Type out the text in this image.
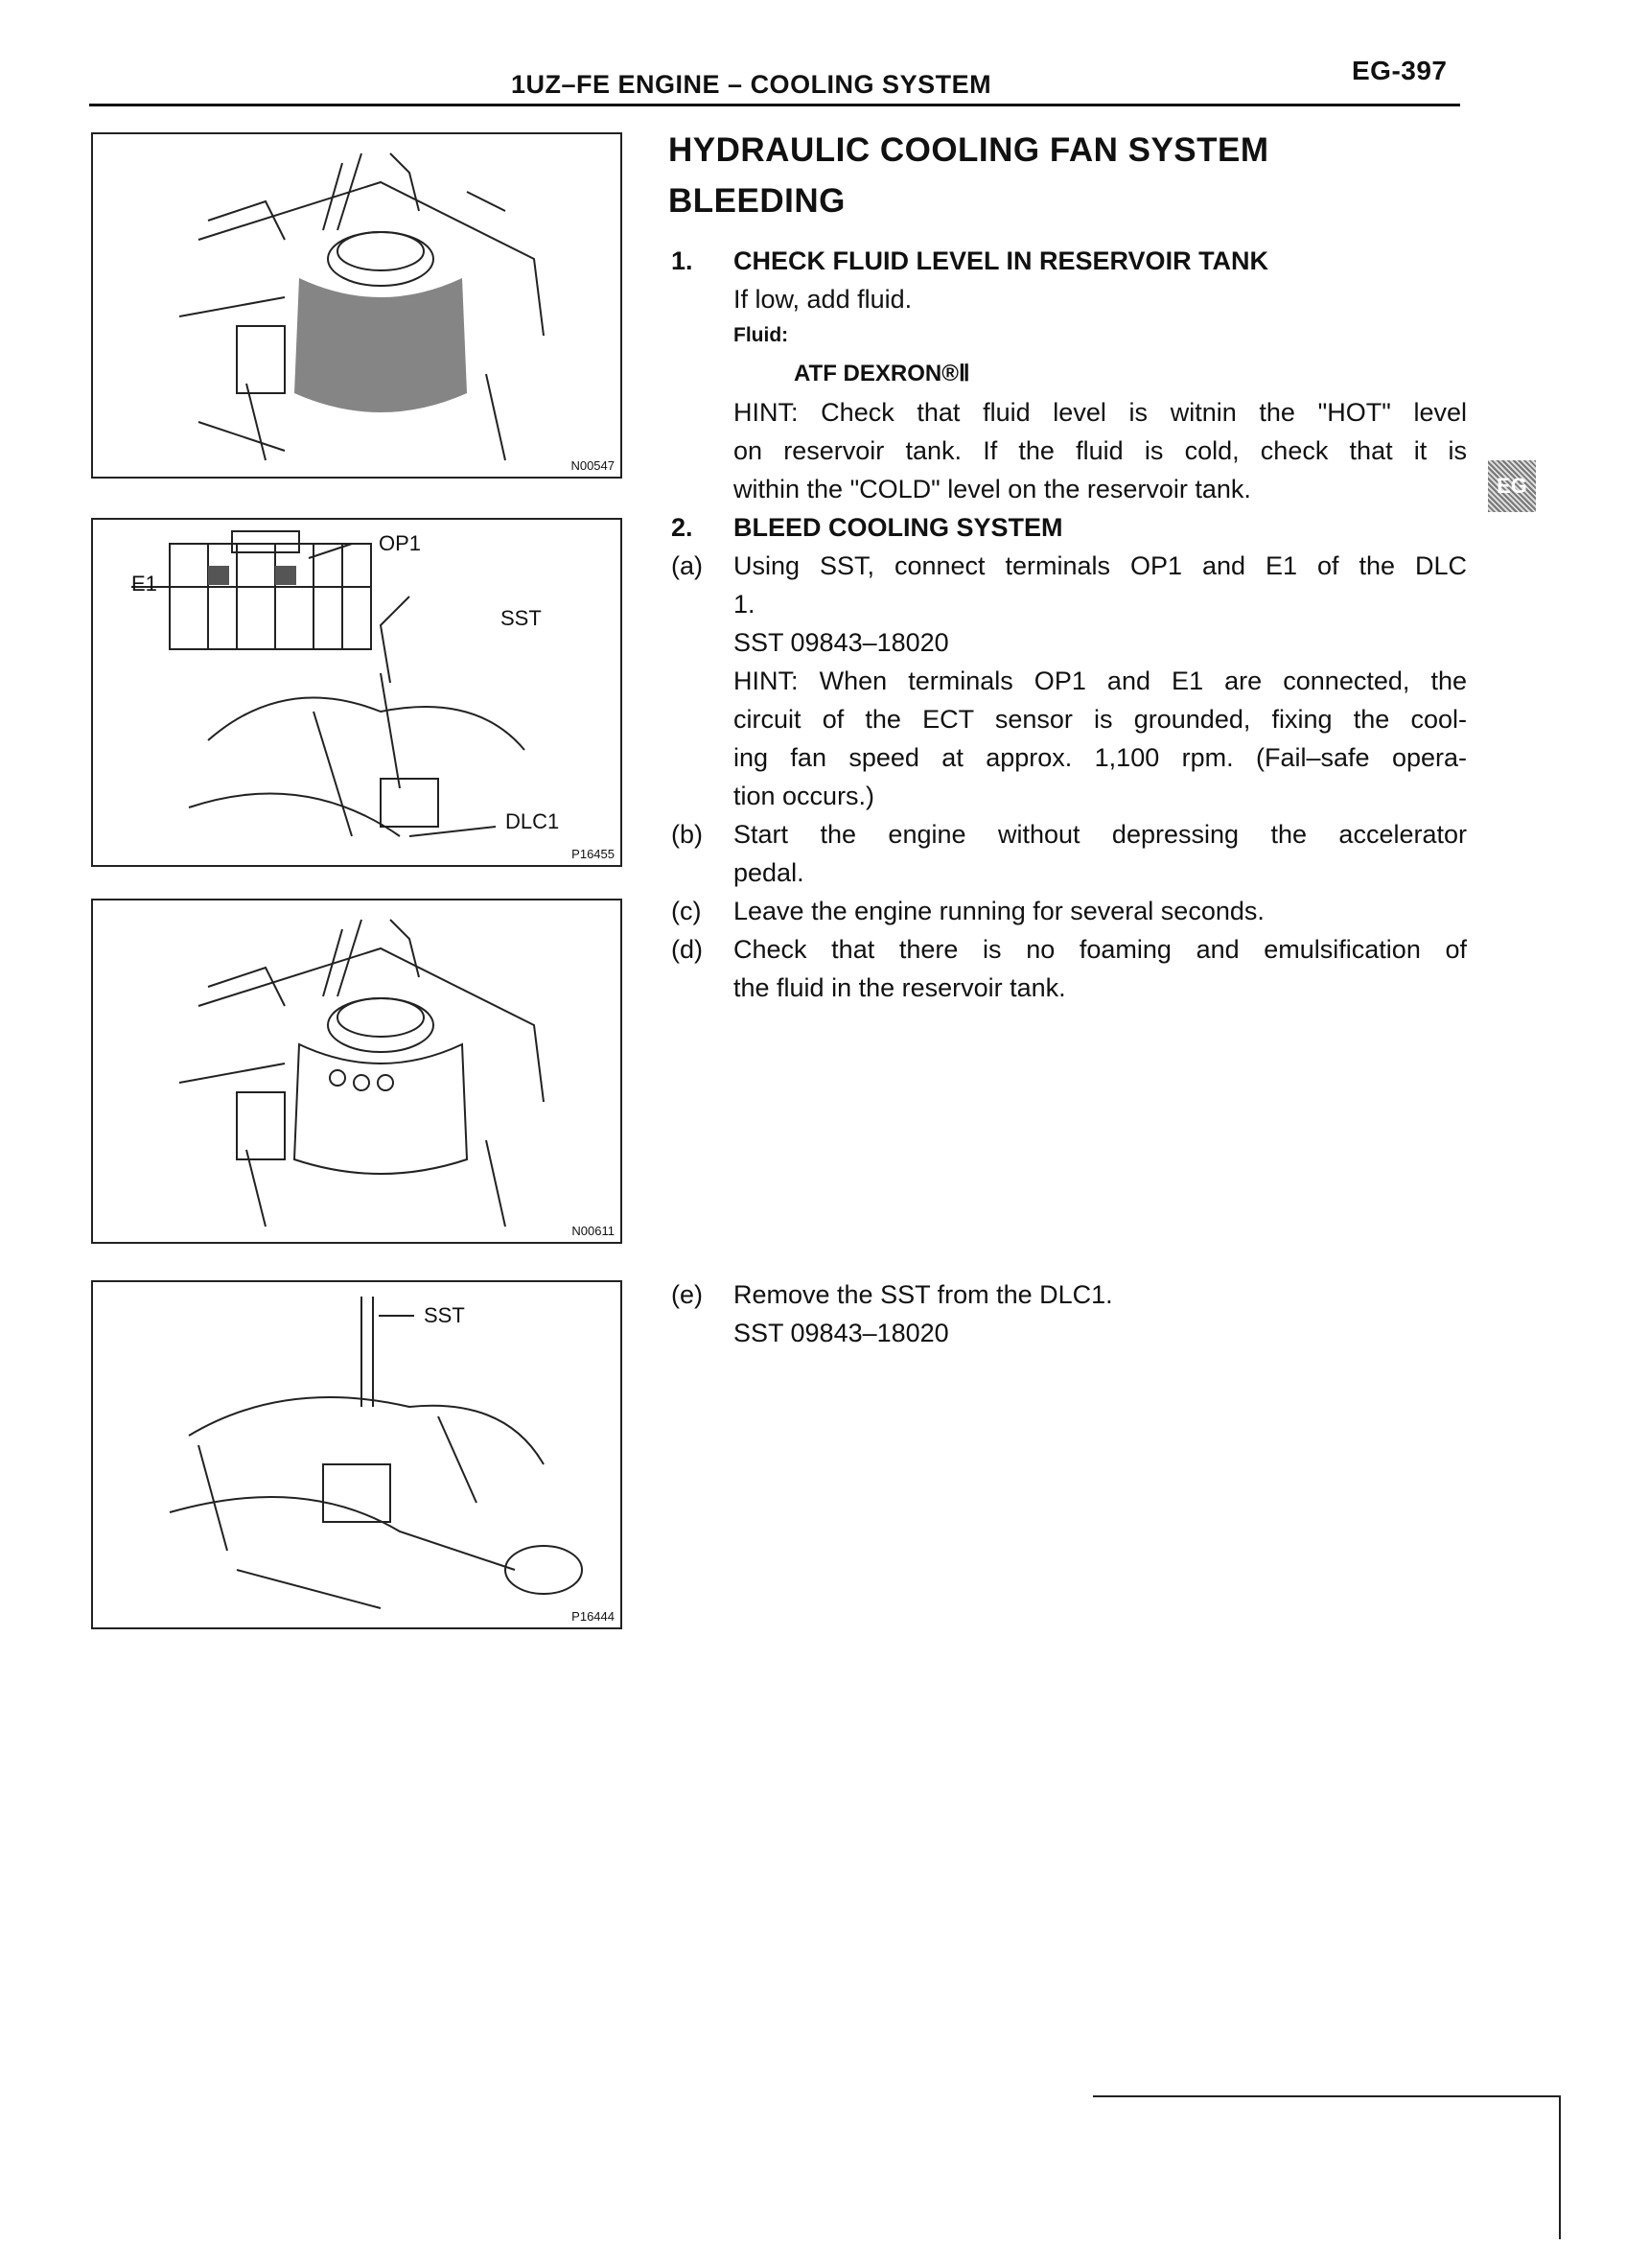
1UZ–FE ENGINE – COOLING SYSTEM	EG-397
N00547
OP1
E1
SST
DLC1
P16455
N00611
SST
P16444
HYDRAULIC COOLING FAN SYSTEM
BLEEDING
1. CHECK FLUID LEVEL IN RESERVOIR TANK
If low, add fluid.
Fluid:
ATF DEXRON®Ⅱ
HINT: Check that fluid level is witnin the "HOT" level
on reservoir tank. If the fluid is cold, check that it is
within the "COLD" level on the reservoir tank.
2. BLEED COOLING SYSTEM
(a) Using SST, connect terminals OP1 and E1 of the DLC
1.
SST 09843–18020
HINT: When terminals OP1 and E1 are connected, the
circuit of the ECT sensor is grounded, fixing the cool-
ing fan speed at approx. 1,100 rpm. (Fail–safe opera-
tion occurs.)
(b) Start the engine without depressing the accelerator
pedal.
(c) Leave the engine running for several seconds.
(d) Check that there is no foaming and emulsification of
the fluid in the reservoir tank.
(e) Remove the SST from the DLC1.
SST 09843–18020
EG
